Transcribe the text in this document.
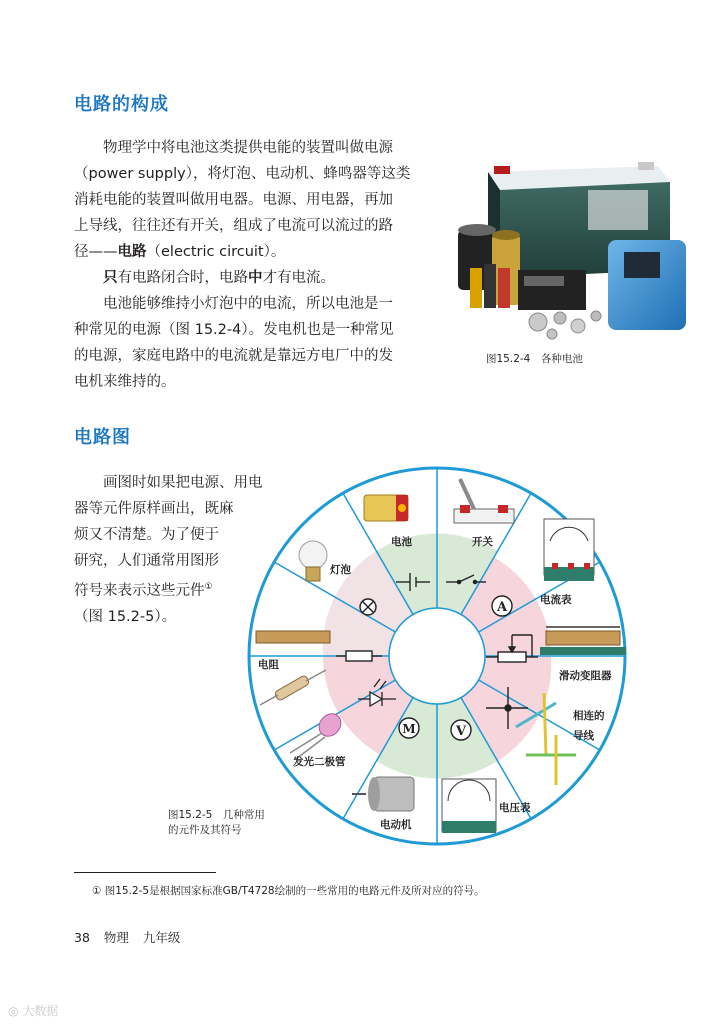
电路的构成

物理学中将电池这类提供电能的装置叫做电源

（power supply），将灯泡、电动机、蜂鸣器等这类

消耗电能的装置叫做用电器。电源、用电器，再加

上导线，往往还有开关，组成了电流可以流过的路

径——电路（electric circuit）。

只有电路闭合时，电路中才有电流。

电池能够维持小灯泡中的电流，所以电池是一

种常见的电源（图 15.2-4）。发电机也是一种常见

的电源，家庭电路中的电流就是靠远方电厂中的发

电机来维持的。

图15.2-4　各种电池
电路图

画图时如果把电源、用电

器等元件原样画出，既麻

烦又不清楚。为了便于

研究，人们通常用图形

符号来表示这些元件①

（图 15.2-5）。

A
V
M
电池	开关
电流表
滑动变阻器
相连的
导线
电压表
电动机
发光二极管
电阻
灯泡
图15.2-5　几种常用
的元件及其符号
① 图15.2-5是根据国家标准GB/T4728绘制的一些常用的电路元件及所对应的符号。
38 物理 九年级
◎ 大数据
